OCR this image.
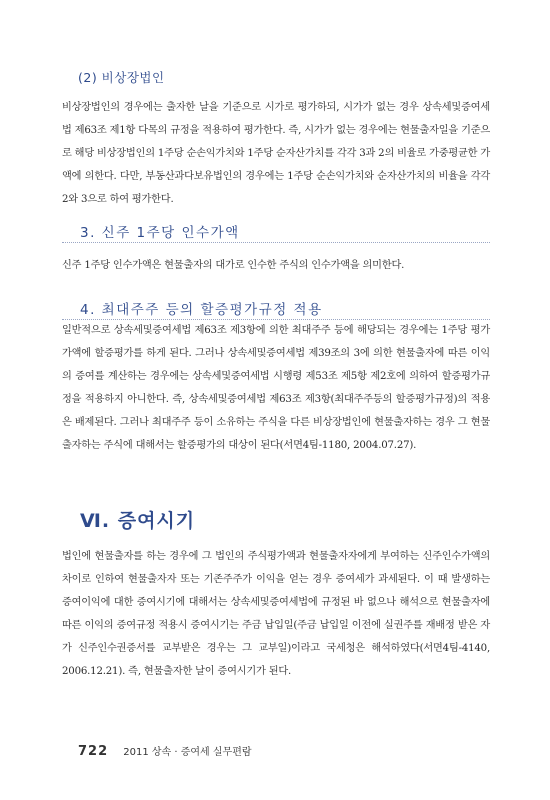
(2) 비상장법인

비상장법인의 경우에는 출자한 날을 기준으로 시가로 평가하되, 시가가 없는 경우 상속세및증여세법 제63조 제1항 다목의 규정을 적용하여 평가한다. 즉, 시가가 없는 경우에는 현물출자일을 기준으로 해당 비상장법인의 1주당 순손익가치와 1주당 순자산가치를 각각 3과 2의 비율로 가중평균한 가액에 의한다. 다만, 부동산과다보유법인의 경우에는 1주당 순손익가치와 순자산가치의 비율을 각각 2와 3으로 하여 평가한다.

3. 신주 1주당 인수가액

신주 1주당 인수가액은 현물출자의 대가로 인수한 주식의 인수가액을 의미한다.

4. 최대주주 등의 할증평가규정 적용

일반적으로 상속세및증여세법 제63조 제3항에 의한 최대주주 등에 해당되는 경우에는 1주당 평가가액에 할증평가를 하게 된다. 그러나 상속세및증여세법 제39조의 3에 의한 현물출자에 따른 이익의 증여를 계산하는 경우에는 상속세및증여세법 시행령 제53조 제5항 제2호에 의하여 할증평가규정을 적용하지 아니한다. 즉, 상속세및증여세법 제63조 제3항(최대주주등의 할증평가규정)의 적용은 배제된다. 그러나 최대주주 등이 소유하는 주식을 다른 비상장법인에 현물출자하는 경우 그 현물출자하는 주식에 대해서는 할증평가의 대상이 된다(서면4팀-1180, 2004.07.27).

Ⅵ. 증여시기

법인에 현물출자를 하는 경우에 그 법인의 주식평가액과 현물출자자에게 부여하는 신주인수가액의 차이로 인하여 현물출자자 또는 기존주주가 이익을 얻는 경우 증여세가 과세된다. 이 때 발생하는 증여이익에 대한 증여시기에 대해서는 상속세및증여세법에 규정된 바 없으나 해석으로 현물출자에 따른 이익의 증여규정 적용시 증여시기는 주금 납입일(주금 납입일 이전에 실권주를 재배정 받은 자가 신주인수권증서를 교부받은 경우는 그 교부일)이라고 국세청은 해석하였다(서면4팀-4140, 2006.12.21). 즉, 현물출자한 날이 증여시기가 된다.

722 2011 상속 · 증여세 실무편람
